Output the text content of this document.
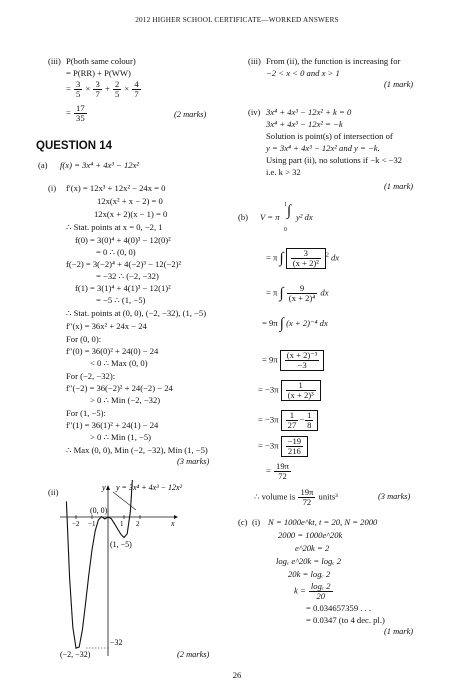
2012 HIGHER SCHOOL CERTIFICATE—WORKED ANSWERS
(iii) P(both same colour)
= P(RR) + P(WW)
= $\frac{3}{5} \times \frac{3}{7} + \frac{2}{5} \times \frac{4}{7}$
= $\frac{17}{35}$	(2 marks)
QUESTION 14
(a) f(x) = 3x⁴ + 4x³ − 12x²
(i) f′(x) = 12x³ + 12x² − 24x = 0
12x(x² + x − 2) = 0
12x(x + 2)(x − 1) = 0
∴ Stat. points at x = 0, −2, 1
f(0) = 3(0)⁴ + 4(0)³ − 12(0)²
= 0 ∴ (0, 0)
f(−2) = 3(−2)⁴ + 4(−2)³ − 12(−2)²
= −32 ∴ (−2, −32)
f(1) = 3(1)⁴ + 4(1)³ − 12(1)²
= −5 ∴ (1, −5)
∴ Stat. points at (0, 0), (−2, −32), (1, −5)
f″(x) = 36x² + 24x − 24
For (0, 0):
f″(0) = 36(0)² + 24(0) − 24
< 0 ∴ Max (0, 0)
For (−2, −32):
f″(−2) = 36(−2)² + 24(−2) − 24
> 0 ∴ Min (−2, −32)
For (1, −5):
f″(1) = 36(1)² + 24(1) − 24
> 0 ∴ Min (1, −5)
∴ Max (0, 0), Min (−2, −32), Min (1, −5)
(3 marks)
(ii)	y
x
y = 3x⁴ + 4x³ − 12x²
(0, 0)
−2 −1	1 2
(1, −5)
−32
(−2, −32)	(2 marks)
(iii) From (ii), the function is increasing for
−2 < x < 0 and x > 1
(1 mark)
(iv) 3x⁴ + 4x³ − 12x² + k = 0
3x⁴ + 4x³ − 12x² = −k
Solution is point(s) of intersection of
y = 3x⁴ + 4x³ − 12x² and y = −k.
Using part (ii), no solutions if −k < −32
i.e. k > 32
(1 mark)
(b) V = π
1 ∫
0
y² dx
= π ∫ $\frac{3}{\text{(x + 2)²}} ^2$ dx
= π ∫ $\frac{9}{\text{(x + 2)⁴}}$ dx
= 9π ∫ (x + 2)⁻⁴ dx
= $9\pi \frac{\text{(x + 2)⁻³}}{-3}$
= $-3\pi \frac{1}{\text{(x + 2)³}}$
= $-3\pi \frac{1}{27} - \frac{1}{8}$
= $-3\pi \frac{-19}{216}$
= $\frac{19\pi}{72}$
∴ volume is $\frac{19\pi}{72}$ units³	(3 marks)
(c) (i) N = 1000e^kt, t = 20, N = 2000
2000 = 1000e^20k
e^20k = 2
logₑ e^20k = logₑ 2
20k = logₑ 2
$k = \frac{\text{logₑ 2}}{20}$
= 0.034657359 . . .
= 0.0347 (to 4 dec. pl.)
(1 mark)
26
